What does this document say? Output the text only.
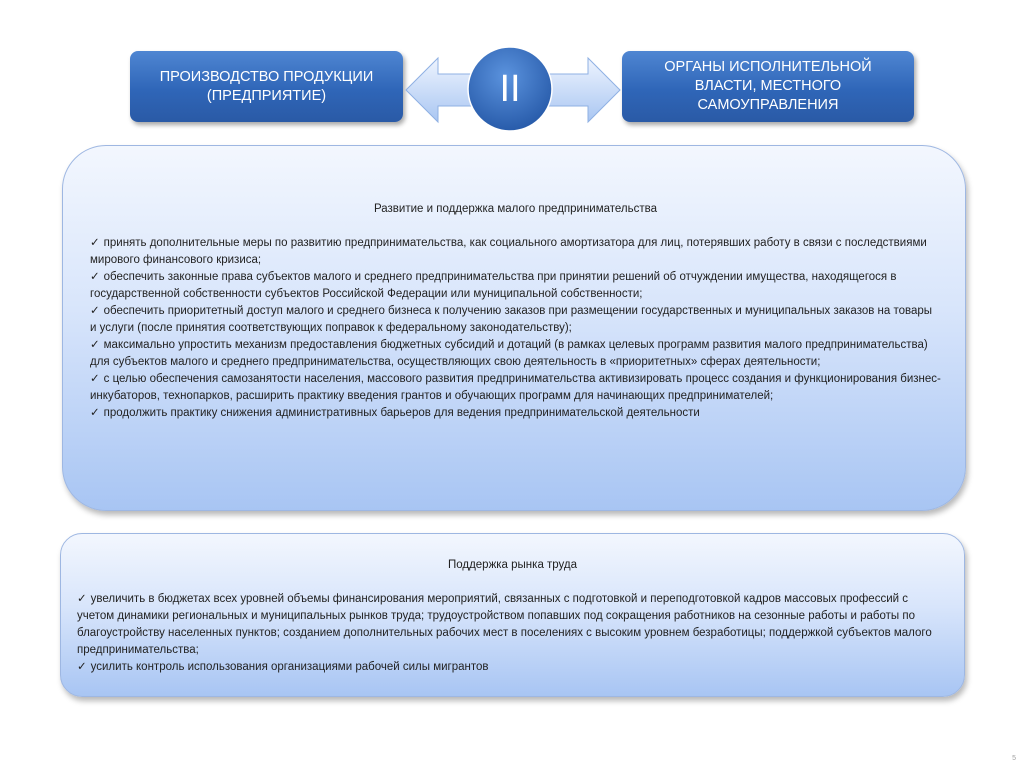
ПРОИЗВОДСТВО ПРОДУКЦИИ
(ПРЕДПРИЯТИЕ)	II
ОРГАНЫ ИСПОЛНИТЕЛЬНОЙ
ВЛАСТИ, МЕСТНОГО
САМОУПРАВЛЕНИЯ
Развитие и поддержка малого предпринимательства
✓ принять дополнительные меры по развитию предпринимательства, как социального амортизатора для лиц, потерявших работу в связи с последствиями мирового финансового кризиса;
✓ обеспечить законные права субъектов малого и среднего предпринимательства при принятии решений об отчуждении имущества, находящегося в государственной собственности субъектов Российской Федерации или муниципальной собственности;
✓ обеспечить приоритетный доступ малого и среднего бизнеса к получению заказов при размещении государственных и муниципальных заказов на товары и услуги (после принятия соответствующих поправок к федеральному законодательству);
✓ максимально упростить механизм предоставления бюджетных субсидий и дотаций (в рамках целевых программ развития малого предпринимательства) для субъектов малого и среднего предпринимательства, осуществляющих свою деятельность в «приоритетных» сферах деятельности;
✓ с целью обеспечения самозанятости населения, массового развития предпринимательства активизировать процесс создания и функционирования бизнес-инкубаторов, технопарков, расширить практику введения грантов и обучающих программ для начинающих предпринимателей;
✓ продолжить практику снижения административных барьеров для ведения предпринимательской деятельности
Поддержка рынка труда
✓ увеличить в бюджетах всех уровней объемы финансирования мероприятий, связанных с подготовкой и переподготовкой кадров массовых профессий с учетом динамики региональных и муниципальных рынков труда; трудоустройством попавших под сокращения работников на сезонные работы и работы по благоустройству населенных пунктов; созданием дополнительных рабочих мест в поселениях с высоким уровнем безработицы; поддержкой субъектов малого предпринимательства;
✓ усилить контроль использования организациями рабочей силы мигрантов
5
